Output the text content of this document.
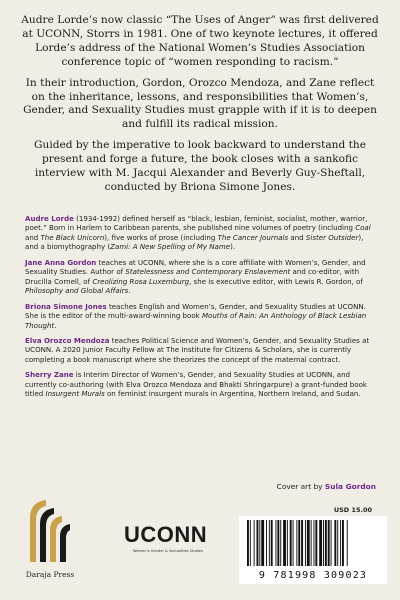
Audre Lorde’s now classic “The Uses of Anger” was first delivered at UCONN, Storrs in 1981. One of two keynote lectures, it offered Lorde’s address of the National Women’s Studies Association conference topic of “women responding to racism.”

In their introduction, Gordon, Orozco Mendoza, and Zane reflect on the inheritance, lessons, and responsibilities that Women’s, Gender, and Sexuality Studies must grapple with if it is to deepen and fulfill its radical mission.

Guided by the imperative to look backward to understand the present and forge a future, the book closes with a sankofic interview with M. Jacqui Alexander and Beverly Guy-Sheftall, conducted by Briona Simone Jones.

Audre Lorde (1934-1992) defined herself as “black, lesbian, feminist, socialist, mother, warrior, poet.” Born in Harlem to Caribbean parents, she published nine volumes of poetry (including Coal and The Black Unicorn), five works of prose (including The Cancer Journals and Sister Outsider), and a biomythography (Zami: A New Spelling of My Name).

Jane Anna Gordon teaches at UCONN, where she is a core affiliate with Women’s, Gender, and Sexuality Studies. Author of Statelessness and Contemporary Enslavement and co-editor, with Drucilla Cornell, of Creolizing Rosa Luxemburg, she is executive editor, with Lewis R. Gordon, of Philosophy and Global Affairs.

Briona Simone Jones teaches English and Women’s, Gender, and Sexuality Studies at UCONN. She is the editor of the multi-award-winning book Mouths of Rain: An Anthology of Black Lesbian Thought.

Elva Orozco Mendoza teaches Political Science and Women’s, Gender, and Sexuality Studies at UCONN. A 2020 Junior Faculty Fellow at The Institute for Citizens & Scholars, she is currently completing a book manuscript where she theorizes the concept of the maternal contract.

Sherry Zane is Interim Director of Women’s, Gender, and Sexuality Studies at UCONN, and currently co-authoring (with Elva Orozco Mendoza and Bhakti Shringarpure) a grant-funded book titled Insurgent Murals on feminist insurgent murals in Argentina, Northern Ireland, and Sudan.

Cover art by Sula Gordon
USD 15.00
Daraja Press
UCONN
Women’s Gender & Sexualities Studies
9 781998 309023
